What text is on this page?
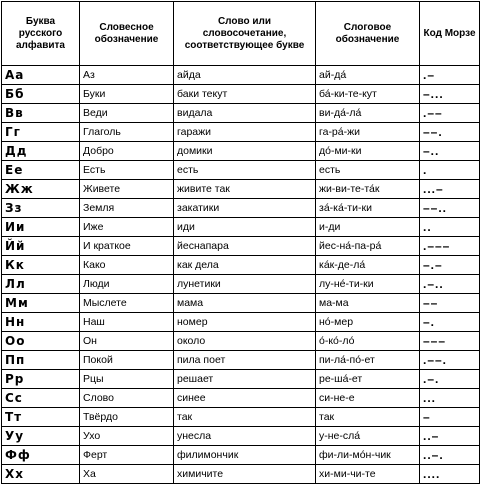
Буква русского алфавита	Словесное обозначение	Слово или словосочетание, соответствующее букве	Слоговое обозначение	Код Морзе
Аа	Аз	айда	ай-да́	.–
Бб	Буки	баки текут	ба́-ки-те-кут	–...
Вв	Веди	видала	ви-да́-ла́	.––
Гг	Глаголь	гаражи	га-ра́-жи	––.
Дд	Добро	домики	до́-ми-ки	–..
Ее	Есть	есть	есть	.
Жж	Живете	живите так	жи-ви-те-та́к	...–
Зз	Земля	закатики	за́-ка́-ти-ки	––..
Ии	Иже	иди	и-ди	..
Йй	И краткое	йеснапара	йес-на́-па-ра́	.–––
Кк	Како	как дела	ка́к-де-ла́	–.–
Лл	Люди	лунетики	лу-не́-ти-ки	.–..
Мм	Мыслете	мама	ма-ма	––
Нн	Наш	номер	но́-мер	–.
Оо	Он	около	о́-ко́-ло́	–––
Пп	Покой	пила поет	пи-ла́-по́-ет	.––.
Рр	Рцы	решает	ре-ша́-ет	.–.
Сс	Слово	синее	си-не-е	...
Тт	Твёрдо	так	так	–
Уу	Ухо	унесла	у-не-сла́	..–
Фф	Ферт	филимончик	фи-ли-мо́н-чик	..–.
Хх	Ха	химичите	хи-ми-чи-те	....
